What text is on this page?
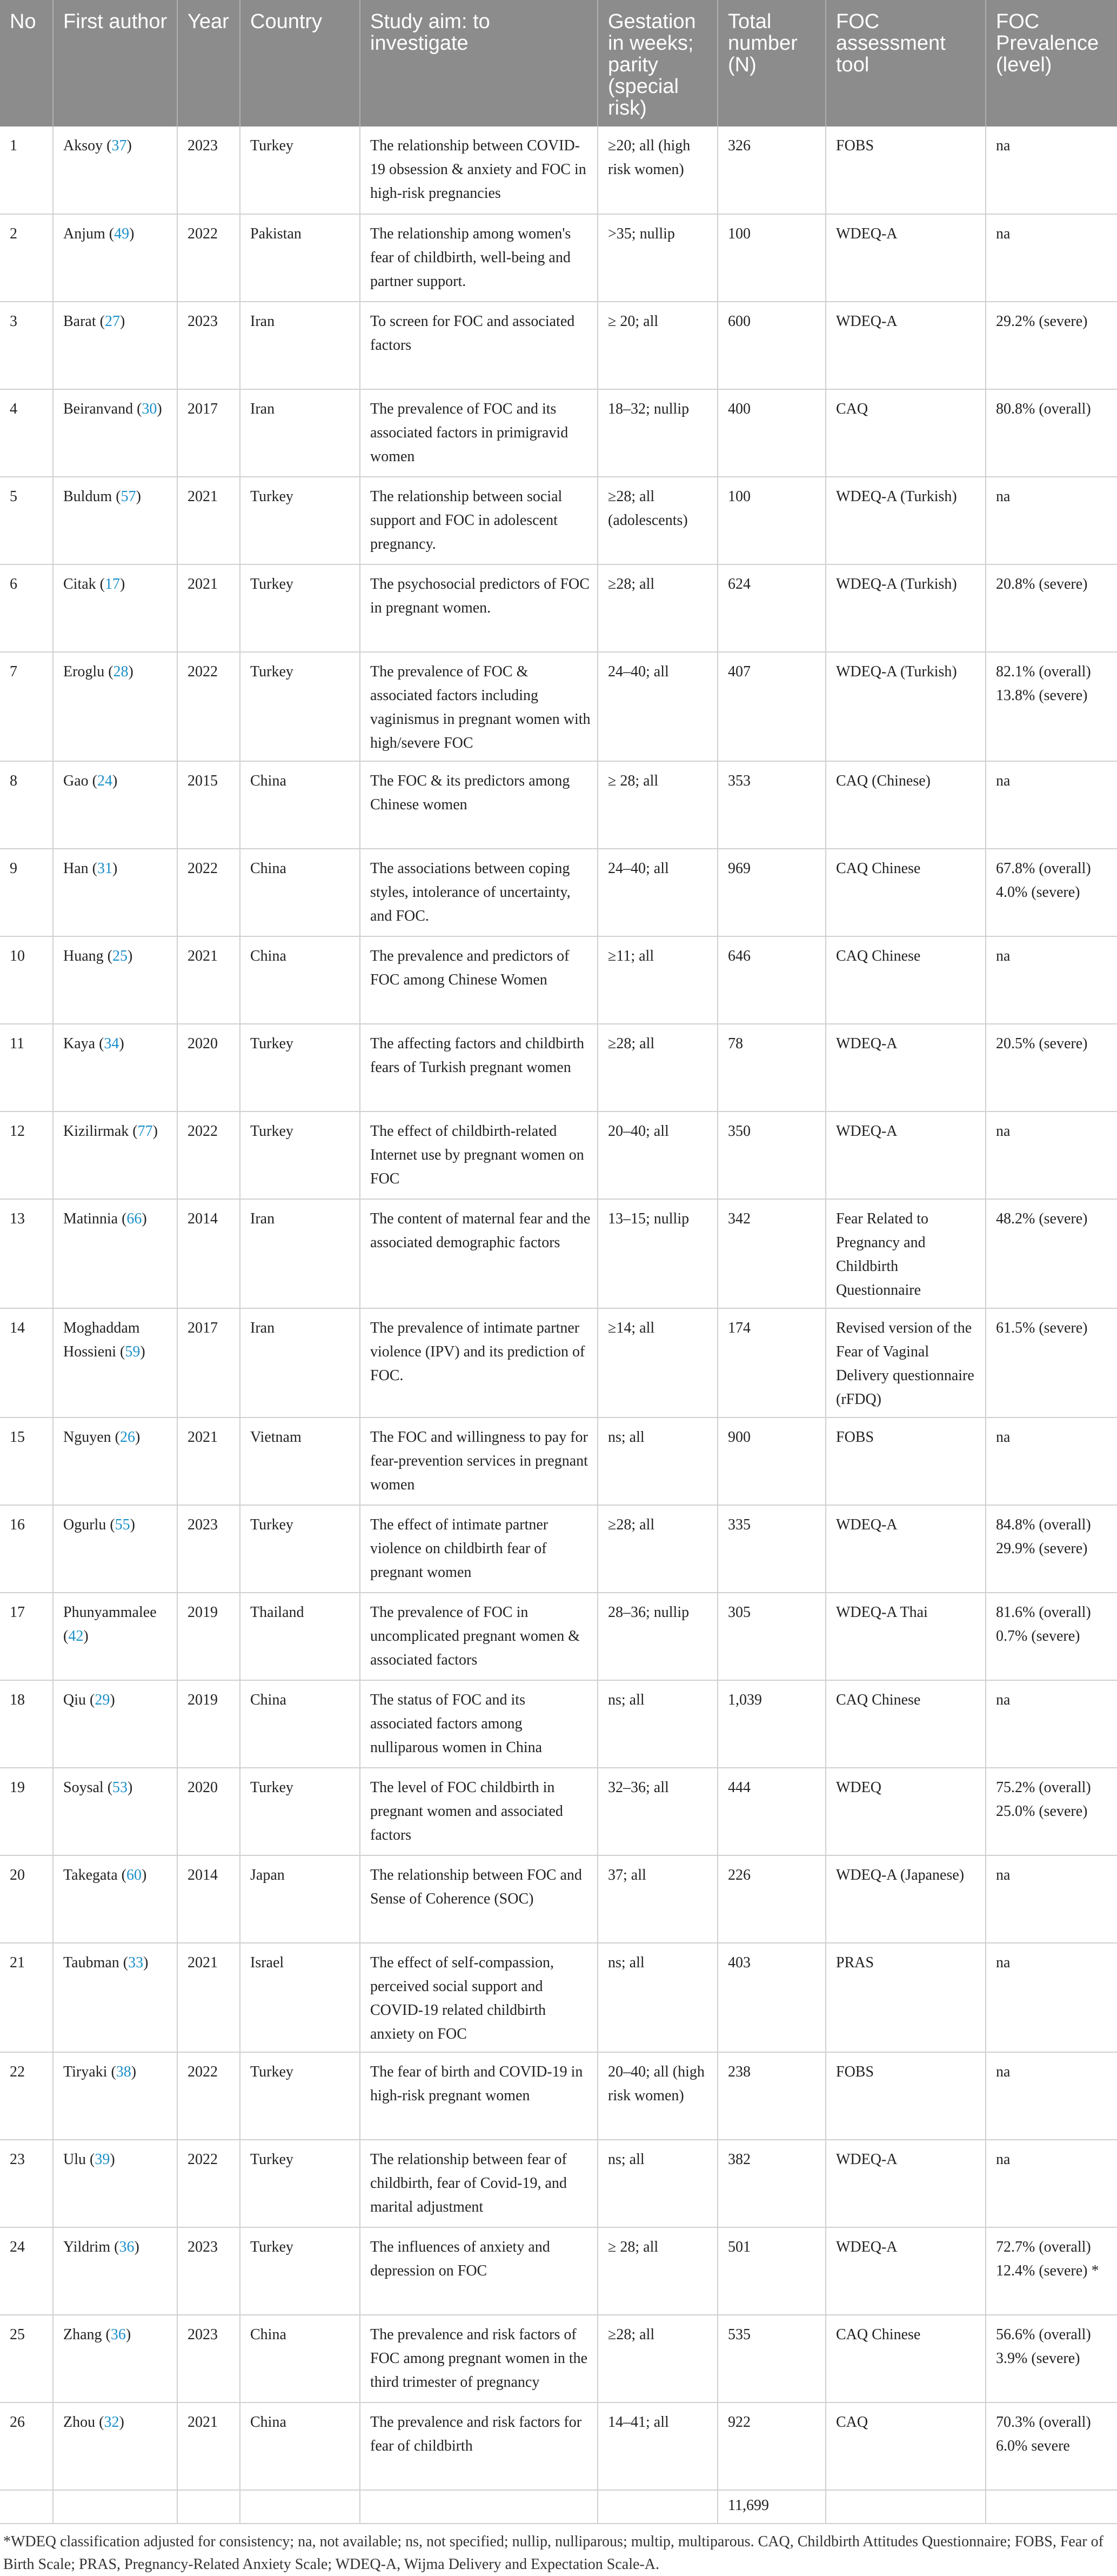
No	First author	Year	Country	Study aim: to investigate	Gestation in weeks; parity (special risk)	Total number (N)	FOC assessment tool	FOC Prevalence (level)
1	Aksoy (37)	2023	Turkey	The relationship between COVID-19 obsession & anxiety and FOC in high-risk pregnancies	≥20; all (high risk women)	326	FOBS	na
2	Anjum (49)	2022	Pakistan	The relationship among women's fear of childbirth, well-being and partner support.	>35; nullip	100	WDEQ-A	na
3	Barat (27)	2023	Iran	To screen for FOC and associated factors	≥ 20; all	600	WDEQ-A	29.2% (severe)
4	Beiranvand (30)	2017	Iran	The prevalence of FOC and its associated factors in primigravid women	18–32; nullip	400	CAQ	80.8% (overall)
5	Buldum (57)	2021	Turkey	The relationship between social support and FOC in adolescent pregnancy.	≥28; all (adolescents)	100	WDEQ-A (Turkish)	na
6	Citak (17)	2021	Turkey	The psychosocial predictors of FOC in pregnant women.	≥28; all	624	WDEQ-A (Turkish)	20.8% (severe)
7	Eroglu (28)	2022	Turkey	The prevalence of FOC & associated factors including vaginismus in pregnant women with high/severe FOC	24–40; all	407	WDEQ-A (Turkish)	82.1% (overall) 13.8% (severe)
8	Gao (24)	2015	China	The FOC & its predictors among Chinese women	≥ 28; all	353	CAQ (Chinese)	na
9	Han (31)	2022	China	The associations between coping styles, intolerance of uncertainty, and FOC.	24–40; all	969	CAQ Chinese	67.8% (overall) 4.0% (severe)
10	Huang (25)	2021	China	The prevalence and predictors of FOC among Chinese Women	≥11; all	646	CAQ Chinese	na
11	Kaya (34)	2020	Turkey	The affecting factors and childbirth fears of Turkish pregnant women	≥28; all	78	WDEQ-A	20.5% (severe)
12	Kizilirmak (77)	2022	Turkey	The effect of childbirth-related Internet use by pregnant women on FOC	20–40; all	350	WDEQ-A	na
13	Matinnia (66)	2014	Iran	The content of maternal fear and the associated demographic factors	13–15; nullip	342	Fear Related to Pregnancy and Childbirth Questionnaire	48.2% (severe)
14	Moghaddam Hossieni (59)	2017	Iran	The prevalence of intimate partner violence (IPV) and its prediction of FOC.	≥14; all	174	Revised version of the Fear of Vaginal Delivery questionnaire (rFDQ)	61.5% (severe)
15	Nguyen (26)	2021	Vietnam	The FOC and willingness to pay for fear-prevention services in pregnant women	ns; all	900	FOBS	na
16	Ogurlu (55)	2023	Turkey	The effect of intimate partner violence on childbirth fear of pregnant women	≥28; all	335	WDEQ-A	84.8% (overall) 29.9% (severe)
17	Phunyammalee (42)	2019	Thailand	The prevalence of FOC in uncomplicated pregnant women & associated factors	28–36; nullip	305	WDEQ-A Thai	81.6% (overall) 0.7% (severe)
18	Qiu (29)	2019	China	The status of FOC and its associated factors among nulliparous women in China	ns; all	1,039	CAQ Chinese	na
19	Soysal (53)	2020	Turkey	The level of FOC childbirth in pregnant women and associated factors	32–36; all	444	WDEQ	75.2% (overall) 25.0% (severe)
20	Takegata (60)	2014	Japan	The relationship between FOC and Sense of Coherence (SOC)	37; all	226	WDEQ-A (Japanese)	na
21	Taubman (33)	2021	Israel	The effect of self-compassion, perceived social support and COVID-19 related childbirth anxiety on FOC	ns; all	403	PRAS	na
22	Tiryaki (38)	2022	Turkey	The fear of birth and COVID-19 in high-risk pregnant women	20–40; all (high risk women)	238	FOBS	na
23	Ulu (39)	2022	Turkey	The relationship between fear of childbirth, fear of Covid-19, and marital adjustment	ns; all	382	WDEQ-A	na
24	Yildrim (36)	2023	Turkey	The influences of anxiety and depression on FOC	≥ 28; all	501	WDEQ-A	72.7% (overall) 12.4% (severe) *
25	Zhang (36)	2023	China	The prevalence and risk factors of FOC among pregnant women in the third trimester of pregnancy	≥28; all	535	CAQ Chinese	56.6% (overall) 3.9% (severe)
26	Zhou (32)	2021	China	The prevalence and risk factors for fear of childbirth	14–41; all	922	CAQ	70.3% (overall) 6.0% severe
						11,699		
*WDEQ classification adjusted for consistency; na, not available; ns, not specified; nullip, nulliparous; multip, multiparous. CAQ, Childbirth Attitudes Questionnaire; FOBS, Fear of Birth Scale; PRAS, Pregnancy-Related Anxiety Scale; WDEQ-A, Wijma Delivery and Expectation Scale-A.
